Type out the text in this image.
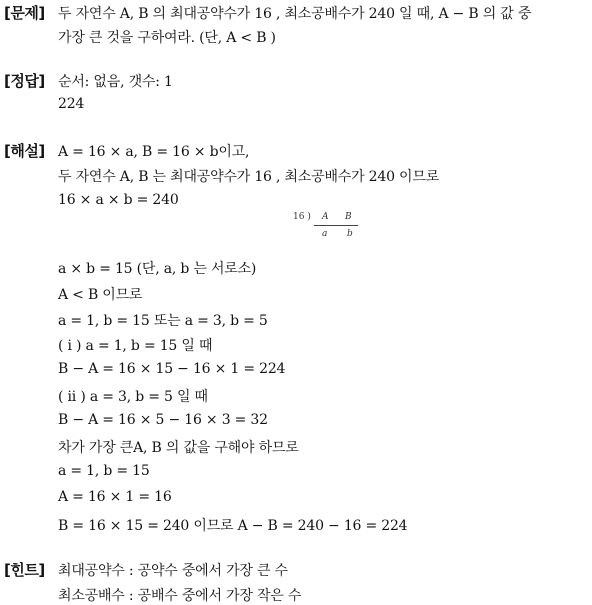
[문제] 두 자연수 A, B 의 최대공약수가 16 , 최소공배수가 240 일 때, A − B 의 값 중
가장 큰 것을 구하여라. (단, A < B )
[정답] 순서: 없음, 갯수: 1
224
[해설] A = 16 × a, B = 16 × b이고,
두 자연수 A, B 는 최대공약수가 16 , 최소공배수가 240 이므로
16 × a × b = 240
16 ) A B
a b
a × b = 15 (단, a, b 는 서로소)
A < B 이므로
a = 1, b = 15 또는 a = 3, b = 5
( i ) a = 1, b = 15 일 때
B − A = 16 × 15 − 16 × 1 = 224
( ii ) a = 3, b = 5 일 때
B − A = 16 × 5 − 16 × 3 = 32
차가 가장 큰A, B 의 값을 구해야 하므로
a = 1, b = 15
A = 16 × 1 = 16
B = 16 × 15 = 240 이므로 A − B = 240 − 16 = 224
[힌트] 최대공약수 : 공약수 중에서 가장 큰 수
최소공배수 : 공배수 중에서 가장 작은 수
